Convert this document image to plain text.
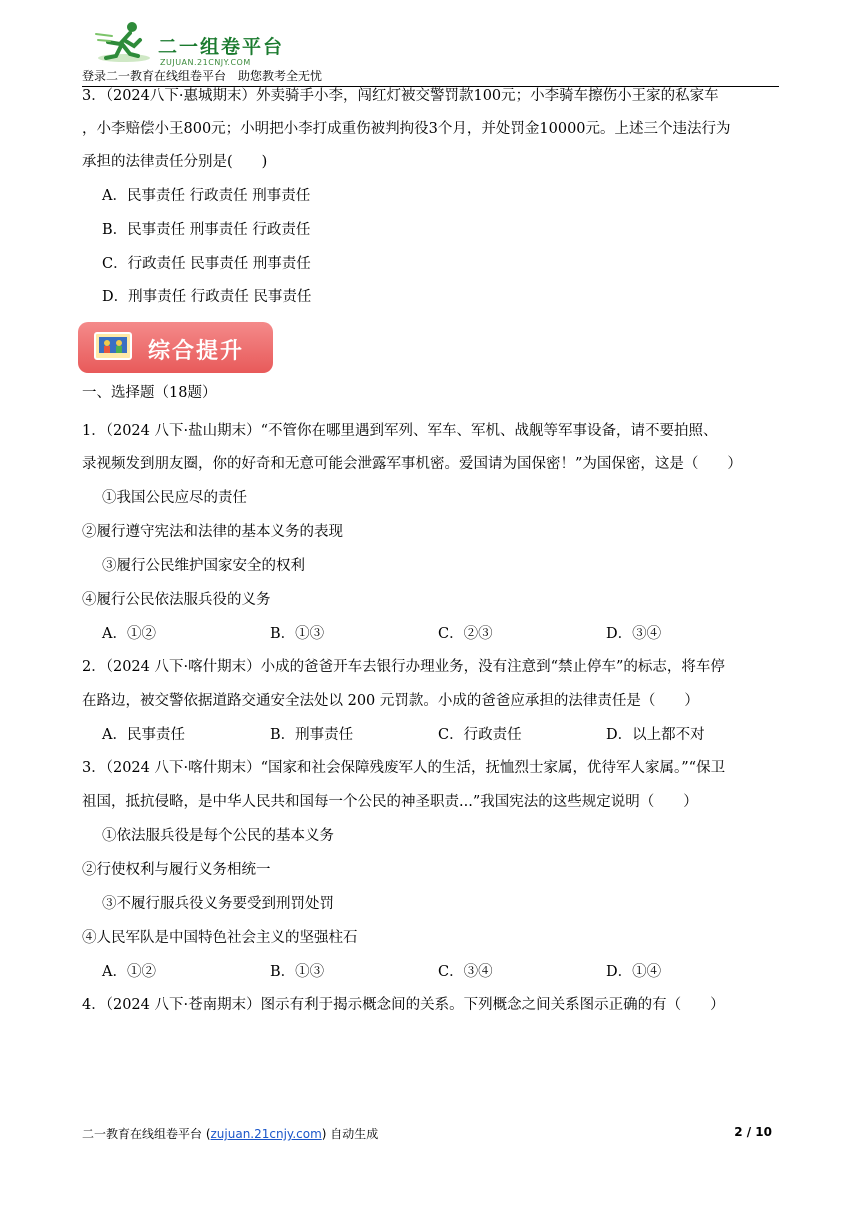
二一组卷平台
ZUJUAN.21CNJY.COM
登录二一教育在线组卷平台　助您教考全无忧
3．（2024八下·惠城期末）外卖骑手小李，闯红灯被交警罚款100元；小李骑车擦伤小王家的私家车
，小李赔偿小王800元；小明把小李打成重伤被判拘役3个月，并处罚金10000元。上述三个违法行为
承担的法律责任分别是(　　)
A．民事责任 行政责任 刑事责任
B．民事责任 刑事责任 行政责任
C．行政责任 民事责任 刑事责任
D．刑事责任 行政责任 民事责任
综合提升
一、选择题（18题）
1．（2024 八下·盐山期末）“不管你在哪里遇到军列、军车、军机、战舰等军事设备，请不要拍照、
录视频发到朋友圈，你的好奇和无意可能会泄露军事机密。爱国请为国保密！”为国保密，这是（　　）
①我国公民应尽的责任
②履行遵守宪法和法律的基本义务的表现
③履行公民维护国家安全的权利
④履行公民依法服兵役的义务
A．①②	B．①③	C．②③	D．③④
2．（2024 八下·喀什期末）小成的爸爸开车去银行办理业务，没有注意到“禁止停车”的标志，将车停
在路边，被交警依据道路交通安全法处以 200 元罚款。小成的爸爸应承担的法律责任是（　　）
A．民事责任	B．刑事责任	C．行政责任	D．以上都不对
3．（2024 八下·喀什期末）“国家和社会保障残废军人的生活，抚恤烈士家属，优待军人家属。”“保卫
祖国，抵抗侵略，是中华人民共和国每一个公民的神圣职责...”我国宪法的这些规定说明（　　）
①依法服兵役是每个公民的基本义务
②行使权利与履行义务相统一
③不履行服兵役义务要受到刑罚处罚
④人民军队是中国特色社会主义的坚强柱石
A．①②	B．①③	C．③④	D．①④
4．（2024 八下·苍南期末）图示有利于揭示概念间的关系。下列概念之间关系图示正确的有（　　）
二一教育在线组卷平台 (zujuan.21cnjy.com) 自动生成	2 / 10
